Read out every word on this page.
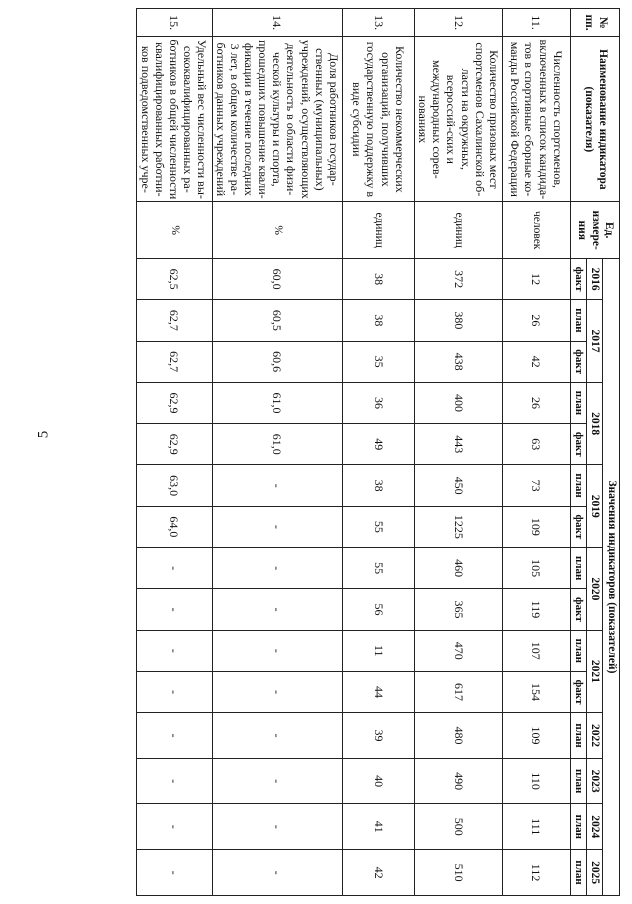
5
№ пп.	Наименование индикатора (показателя)	Ед. измере-ния	Значения индикаторов (показателей)														
			2016	2017		2018		2019		2020		2021		2022	2023	2024	2025
			факт	план	факт	план	факт	план	факт	план	факт	план	факт	план	план	план	план
11.	Численность спортсменов, включенных в список кандида-тов в спортивные сборные ко-манды Российской Федерации	человек	12	26	42	26	63	73	109	105	119	107	154	109	110	111	112
12.	Количество призовых мест спортсменов Сахалинской об-ласти на окружных, всероссий-ских и международных сорев-нованиях	единиц	372	380	438	400	443	450	1225	460	365	470	617	480	490	500	510
13.	Количество некоммерческих организаций, получивших государственную поддержку в виде субсидии	единиц	38	38	35	36	49	38	55	55	56	11	44	39	40	41	42
14.	Доля работников государ-ственных (муниципальных) учреждений, осуществляющих деятельность в области физи-ческой культуры и спорта, прошедших повышение квали-фикации в течение последних 3 лет, в общем количестве ра-ботников данных учреждений	%	60,0	60,5	60,6	61,0	61,0	-	-	-	-	-	-	-	-	-	-
15.	Удельный вес численности вы-сококвалифицированных ра-ботников в общей численности квалифицированных работни-ков подведомственных учре-	%	62,5	62,7	62,7	62,9	62,9	63,0	64,0	-	-	-	-	-	-	-	-
